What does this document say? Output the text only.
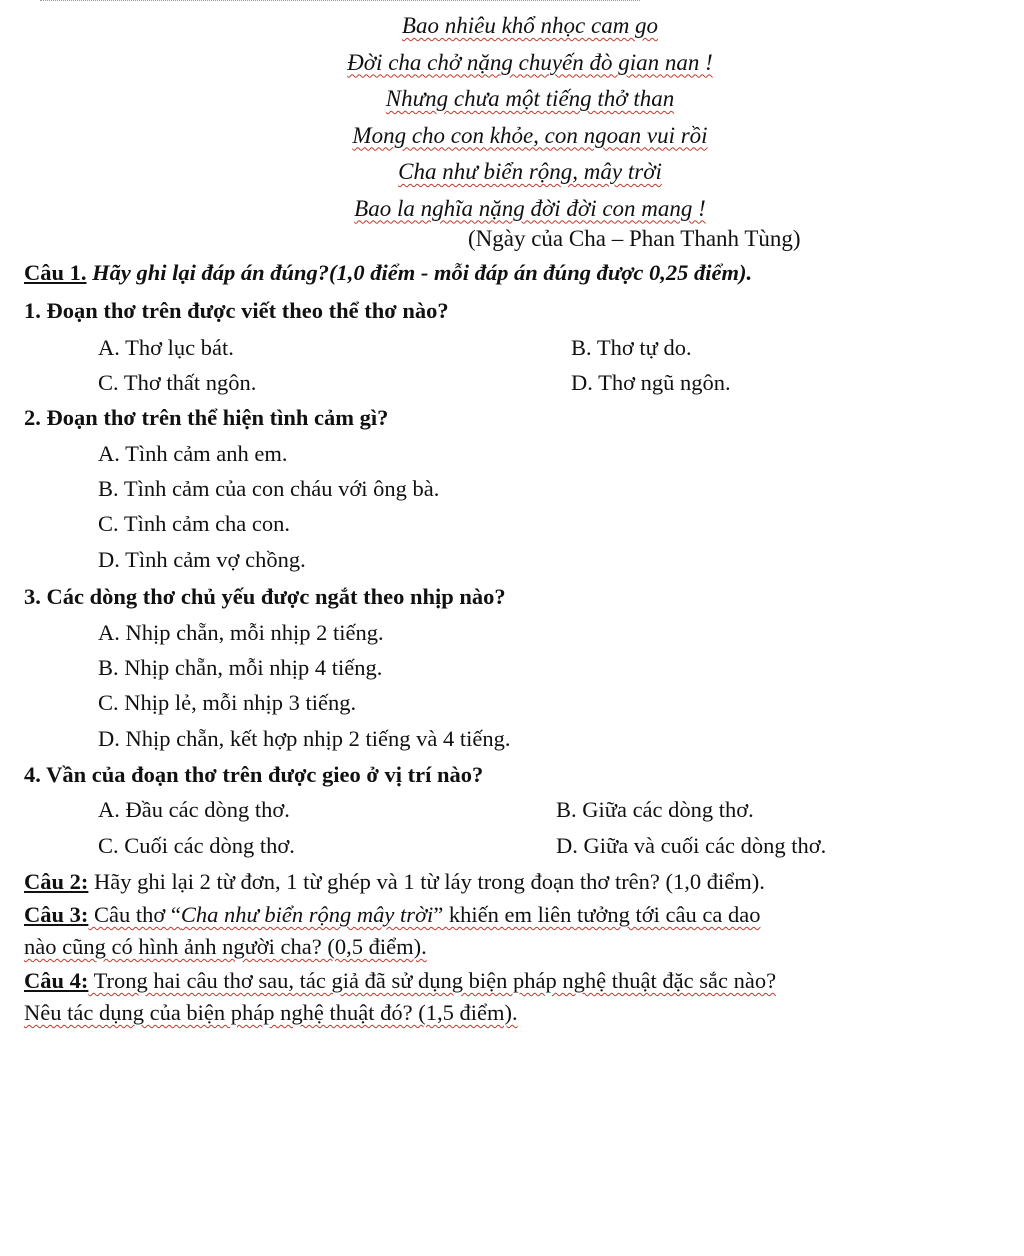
Bao nhiêu khổ nhọc cam go
Đời cha chở nặng chuyến đò gian nan !
Nhưng chưa một tiếng thở than
Mong cho con khỏe, con ngoan vui rồi
Cha như biển rộng, mây trời
Bao la nghĩa nặng đời đời con mang !
(Ngày của Cha – Phan Thanh Tùng)
Câu 1. Hãy ghi lại đáp án đúng?(1,0 điểm - mỗi đáp án đúng được 0,25 điểm).
1. Đoạn thơ trên được viết theo thể thơ nào?
A. Thơ lục bát.	B. Thơ tự do.
C. Thơ thất ngôn.	D. Thơ ngũ ngôn.
2. Đoạn thơ trên thể hiện tình cảm gì?
A. Tình cảm anh em.
B. Tình cảm của con cháu với ông bà.
C. Tình cảm cha con.
D. Tình cảm vợ chồng.
3. Các dòng thơ chủ yếu được ngắt theo nhịp nào?
A. Nhịp chẵn, mỗi nhịp 2 tiếng.
B. Nhịp chẵn, mỗi nhịp 4 tiếng.
C. Nhịp lẻ, mỗi nhịp 3 tiếng.
D. Nhịp chẵn, kết hợp nhịp 2 tiếng và 4 tiếng.
4. Vần của đoạn thơ trên được gieo ở vị trí nào?
A. Đầu các dòng thơ.	B. Giữa các dòng thơ.
C. Cuối các dòng thơ.	D. Giữa và cuối các dòng thơ.
Câu 2: Hãy ghi lại 2 từ đơn, 1 từ ghép và 1 từ láy trong đoạn thơ trên? (1,0 điểm).
Câu 3: Câu thơ “Cha như biển rộng mây trời” khiến em liên tưởng tới câu ca dao
nào cũng có hình ảnh người cha? (0,5 điểm).
Câu 4: Trong hai câu thơ sau, tác giả đã sử dụng biện pháp nghệ thuật đặc sắc nào?
Nêu tác dụng của biện pháp nghệ thuật đó? (1,5 điểm).
